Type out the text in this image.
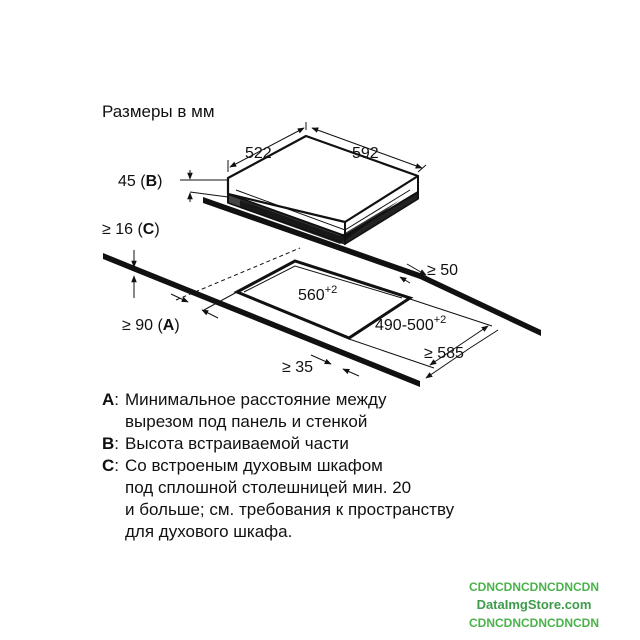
Размеры в мм
522	592
45 (B)
≥ 16 (C)
≥ 50
$560^{+2}$
$490-500^{+2}$
≥ 90 (A)
≥ 35
≥ 585
A : Минимальное расстояние между
вырезом под панель и стенкой
B : Высота встраиваемой части
C : Со встроеным духовым шкафом
под сплошной столешницей мин. 20
и больше; см. требования к пространству
для духового шкафа.
CDNCDNCDNCDNCDN
DataImgStore.com
CDNCDNCDNCDNCDN
